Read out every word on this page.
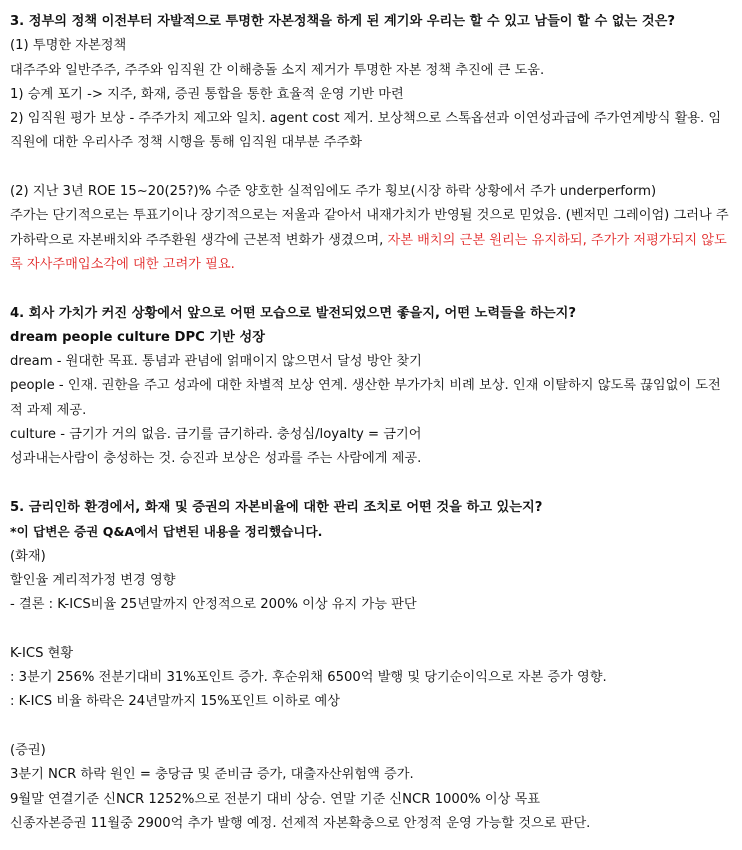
3. 정부의 정책 이전부터 자발적으로 투명한 자본정책을 하게 된 계기와 우리는 할 수 있고 남들이 할 수 없는 것은?
(1) 투명한 자본정책
대주주와 일반주주, 주주와 임직원 간 이해충돌 소지 제거가 투명한 자본 정책 추진에 큰 도움.
1) 승계 포기 -> 지주, 화재, 증권 통합을 통한 효율적 운영 기반 마련
2) 임직원 평가 보상 - 주주가치 제고와 일치. agent cost 제거. 보상책으로 스톡옵션과 이연성과급에 주가연계방식 활용. 임직원에 대한 우리사주 정책 시행을 통해 임직원 대부분 주주화
(2) 지난 3년 ROE 15~20(25?)% 수준 양호한 실적임에도 주가 횡보(시장 하락 상황에서 주가 underperform)
주가는 단기적으로는 투표기이나 장기적으로는 저울과 같아서 내재가치가 반영될 것으로 믿었음. (벤저민 그레이엄) 그러나 주가하락으로 자본배치와 주주환원 생각에 근본적 변화가 생겼으며, 자본 배치의 근본 원리는 유지하되, 주가가 저평가되지 않도록 자사주매입소각에 대한 고려가 필요.
4. 회사 가치가 커진 상황에서 앞으로 어떤 모습으로 발전되었으면 좋을지, 어떤 노력들을 하는지?
dream people culture DPC 기반 성장
dream - 원대한 목표. 통념과 관념에 얽매이지 않으면서 달성 방안 찾기
people - 인재. 권한을 주고 성과에 대한 차별적 보상 연계. 생산한 부가가치 비례 보상. 인재 이탈하지 않도록 끊임없이 도전적 과제 제공.
culture - 금기가 거의 없음. 금기를 금기하라. 충성심/loyalty = 금기어
성과내는사람이 충성하는 것. 승진과 보상은 성과를 주는 사람에게 제공.
5. 금리인하 환경에서, 화재 및 증권의 자본비율에 대한 관리 조치로 어떤 것을 하고 있는지?
*이 답변은 증권 Q&A에서 답변된 내용을 정리했습니다.
(화재)
할인율 계리적가정 변경 영향
- 결론 : K-ICS비율 25년말까지 안정적으로 200% 이상 유지 가능 판단
K-ICS 현황
: 3분기 256% 전분기대비 31%포인트 증가. 후순위채 6500억 발행 및 당기순이익으로 자본 증가 영향.
: K-ICS 비율 하락은 24년말까지 15%포인트 이하로 예상
(증권)
3분기 NCR 하락 원인 = 충당금 및 준비금 증가, 대출자산위험액 증가.
9월말 연결기준 신NCR 1252%으로 전분기 대비 상승. 연말 기준 신NCR 1000% 이상 목표
신종자본증권 11월중 2900억 추가 발행 예정. 선제적 자본확충으로 안정적 운영 가능할 것으로 판단.
